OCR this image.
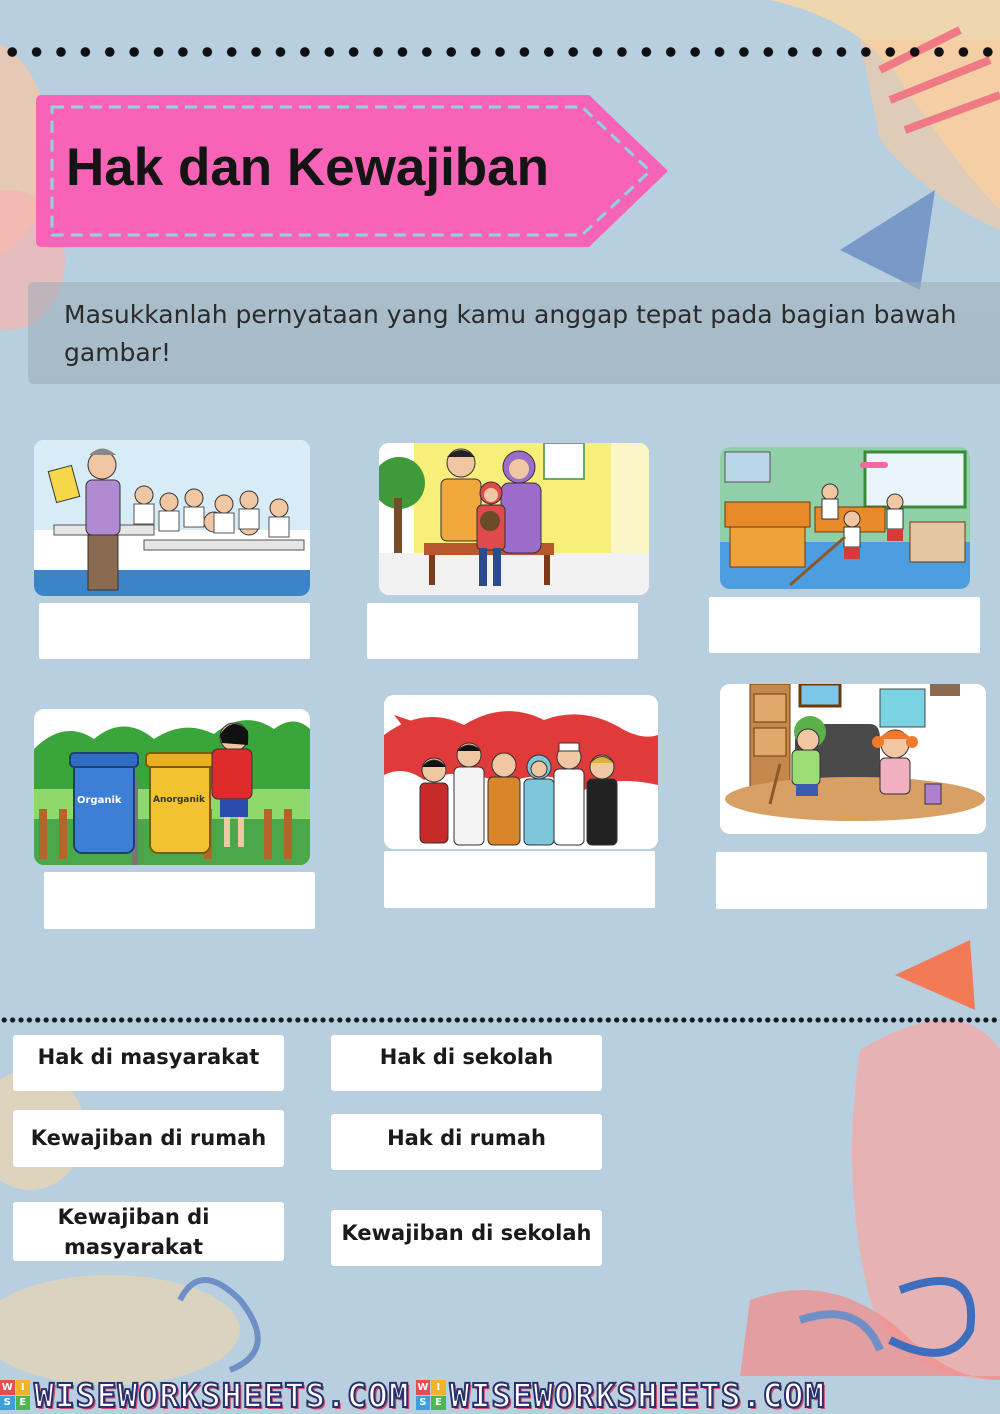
Hak dan Kewajiban
Masukkanlah pernyataan yang kamu anggap tepat pada bagian bawah gambar!
Organik	Anorganik
Hak di masyarakat	Hak di sekolah
Kewajiban di rumah	Hak di rumah
Kewajiban di
masyarakat
Kewajiban di sekolah
W I
S E WISEWORKSHEETS.COM W I
S E WISEWORKSHEETS.COM
